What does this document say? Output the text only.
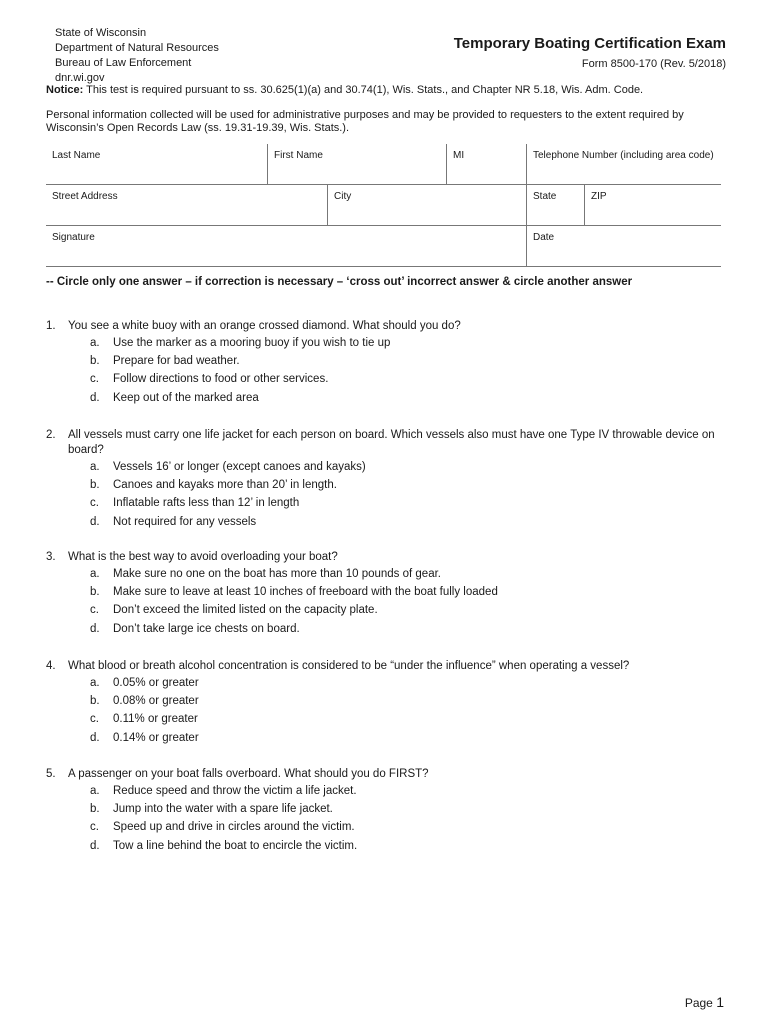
State of Wisconsin
Department of Natural Resources
Bureau of Law Enforcement
dnr.wi.gov
Temporary Boating Certification Exam
Form 8500-170 (Rev. 5/2018)
Notice: This test is required pursuant to ss. 30.625(1)(a) and 30.74(1), Wis. Stats., and Chapter NR 5.18, Wis. Adm. Code.
Personal information collected will be used for administrative purposes and may be provided to requesters to the extent required by Wisconsin’s Open Records Law (ss. 19.31-19.39, Wis. Stats.).
Last Name	First Name	MI	Telephone Number (including area code)
Street Address	City	State	ZIP
Signature	Date
-- Circle only one answer – if correction is necessary – ‘cross out’ incorrect answer & circle another answer
1.	You see a white buoy with an orange crossed diamond. What should you do?
a.	Use the marker as a mooring buoy if you wish to tie up
b.	Prepare for bad weather.
c.	Follow directions to food or other services.
d.	Keep out of the marked area
2.	All vessels must carry one life jacket for each person on board. Which vessels also must have one Type IV throwable device on board?
a.	Vessels 16’ or longer (except canoes and kayaks)
b.	Canoes and kayaks more than 20’ in length.
c.	Inflatable rafts less than 12’ in length
d.	Not required for any vessels
3.	What is the best way to avoid overloading your boat?
a.	Make sure no one on the boat has more than 10 pounds of gear.
b.	Make sure to leave at least 10 inches of freeboard with the boat fully loaded
c.	Don’t exceed the limited listed on the capacity plate.
d.	Don’t take large ice chests on board.
4.	What blood or breath alcohol concentration is considered to be “under the influence” when operating a vessel?
a.	0.05% or greater
b.	0.08% or greater
c.	0.11% or greater
d.	0.14% or greater
5.	A passenger on your boat falls overboard. What should you do FIRST?
a.	Reduce speed and throw the victim a life jacket.
b.	Jump into the water with a spare life jacket.
c.	Speed up and drive in circles around the victim.
d.	Tow a line behind the boat to encircle the victim.
Page 1
